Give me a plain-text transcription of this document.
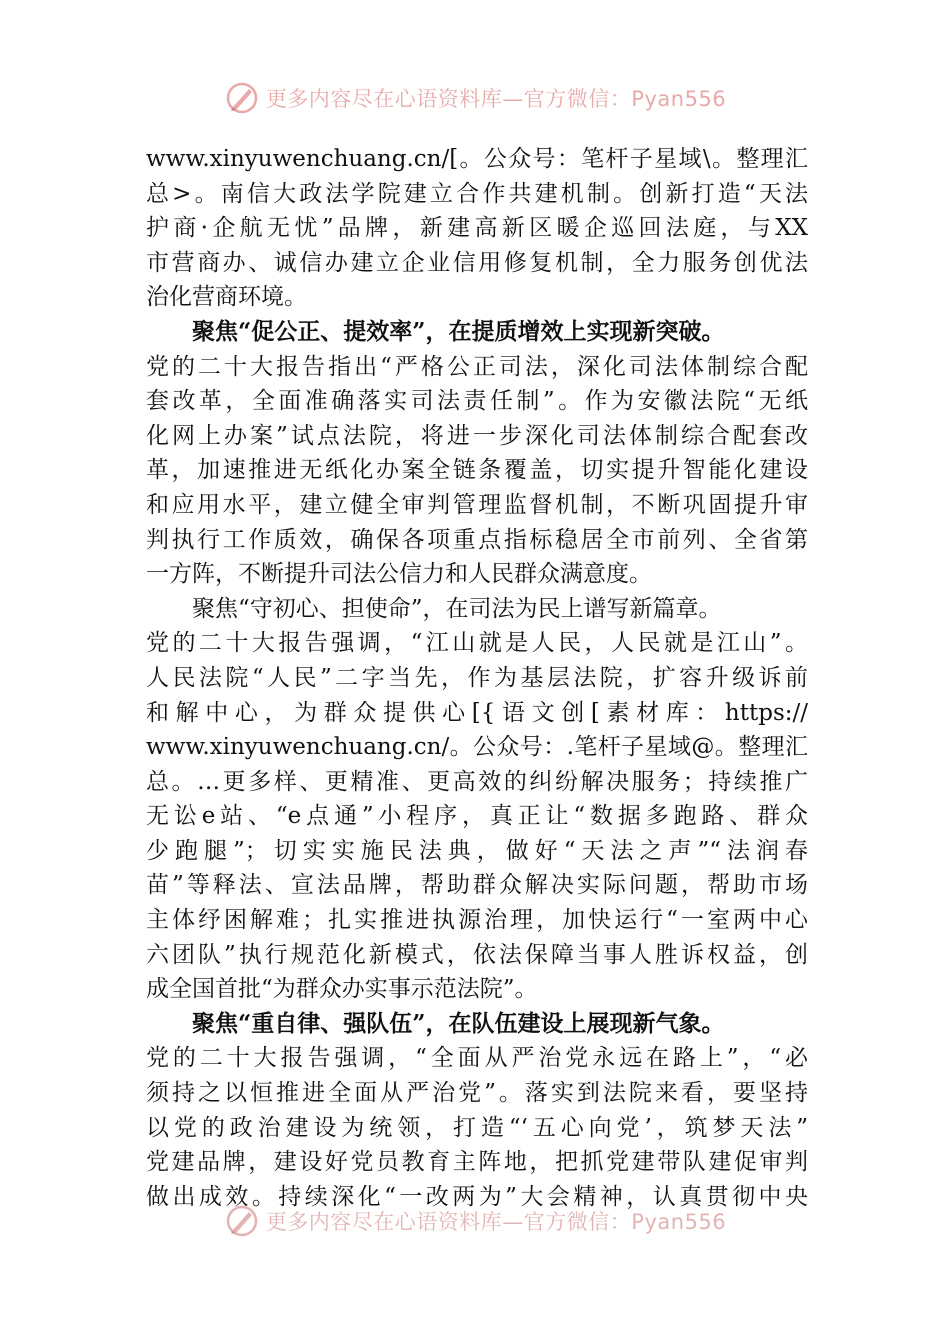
更多内容尽在心语资料库—官方微信：Pyan556
www.xinyuwenchuang.cn/[。公众号：笔杆子星域\。整理汇
总>。南信大政法学院建立合作共建机制。创新打造“天法
护商·企航无忧”品牌，新建高新区暖企巡回法庭，与XX
市营商办、诚信办建立企业信用修复机制，全力服务创优法
治化营商环境。
聚焦“促公正、提效率”，在提质增效上实现新突破。
党的二十大报告指出“严格公正司法，深化司法体制综合配
套改革，全面准确落实司法责任制”。作为安徽法院“无纸
化网上办案”试点法院，将进一步深化司法体制综合配套改
革，加速推进无纸化办案全链条覆盖，切实提升智能化建设
和应用水平，建立健全审判管理监督机制，不断巩固提升审
判执行工作质效，确保各项重点指标稳居全市前列、全省第
一方阵，不断提升司法公信力和人民群众满意度。
聚焦“守初心、担使命”，在司法为民上谱写新篇章。
党的二十大报告强调，“江山就是人民，人民就是江山”。
人民法院“人民”二字当先，作为基层法院，扩容升级诉前
和解中心，为群众提供心[{语文创[素材库：https://
www.xinyuwenchuang.cn/。公众号：.笔杆子星域@。整理汇
总。…更多样、更精准、更高效的纠纷解决服务；持续推广
无讼e站、“e点通”小程序，真正让“数据多跑路、群众
少跑腿”；切实实施民法典，做好“天法之声”“法润春
苗”等释法、宣法品牌，帮助群众解决实际问题，帮助市场
主体纾困解难；扎实推进执源治理，加快运行“一室两中心
六团队”执行规范化新模式，依法保障当事人胜诉权益，创
成全国首批“为群众办实事示范法院”。
聚焦“重自律、强队伍”，在队伍建设上展现新气象。
党的二十大报告强调，“全面从严治党永远在路上”，“必
须持之以恒推进全面从严治党”。落实到法院来看，要坚持
以党的政治建设为统领，打造“‘五心向党’，筑梦天法”
党建品牌，建设好党员教育主阵地，把抓党建带队建促审判
做出成效。持续深化“一改两为”大会精神，认真贯彻中央
更多内容尽在心语资料库—官方微信：Pyan556
